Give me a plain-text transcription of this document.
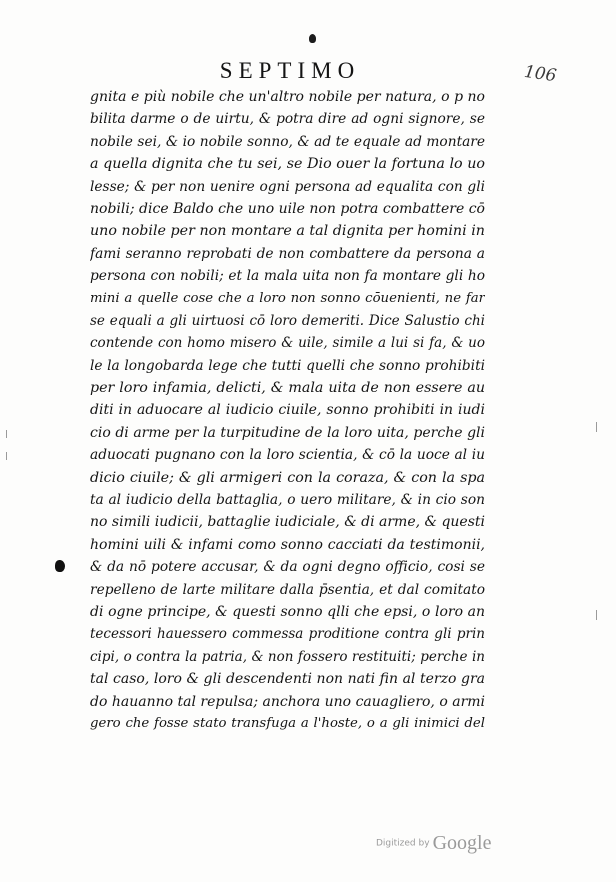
SEPTIMO	106
gnita e più nobile che un'altro nobile per natura, o p no
bilita darme o de uirtu, & potra dire ad ogni signore, se
nobile sei, & io nobile sonno, & ad te equale ad montare
a quella dignita che tu sei, se Dio ouer la fortuna lo uo
lesse; & per non uenire ogni persona ad equalita con gli
nobili; dice Baldo che uno uile non potra combattere cō
uno nobile per non montare a tal dignita per homini in
fami seranno reprobati de non combattere da persona a
persona con nobili; et la mala uita non fa montare gli ho
mini a quelle cose che a loro non sonno cōuenienti, ne far
se equali a gli uirtuosi cō loro demeriti. Dice Salustio chi
contende con homo misero & uile, simile a lui si fa, & uo
le la longobarda lege che tutti quelli che sonno prohibiti
per loro infamia, delicti, & mala uita de non essere au
diti in aduocare al iudicio ciuile, sonno prohibiti in iudi
cio di arme per la turpitudine de la loro uita, perche gli
aduocati pugnano con la loro scientia, & cō la uoce al iu
dicio ciuile; & gli armigeri con la coraza, & con la spa
ta al iudicio della battaglia, o uero militare, & in cio son
no simili iudicii, battaglie iudiciale, & di arme, & questi
homini uili & infami como sonno cacciati da testimonii,
& da nō potere accusar, & da ogni degno officio, cosi se
repelleno de larte militare dalla p̄sentia, et dal comitato
di ogne principe, & questi sonno qlli che epsi, o loro an
tecessori hauessero commessa proditione contra gli prin
cipi, o contra la patria, & non fossero restituiti; perche in
tal caso, loro & gli descendenti non nati fin al terzo gra
do hauanno tal repulsa; anchora uno cauagliero, o armi
gero che fosse stato transfuga a l'hoste, o a gli inimici del
Digitized by Google
